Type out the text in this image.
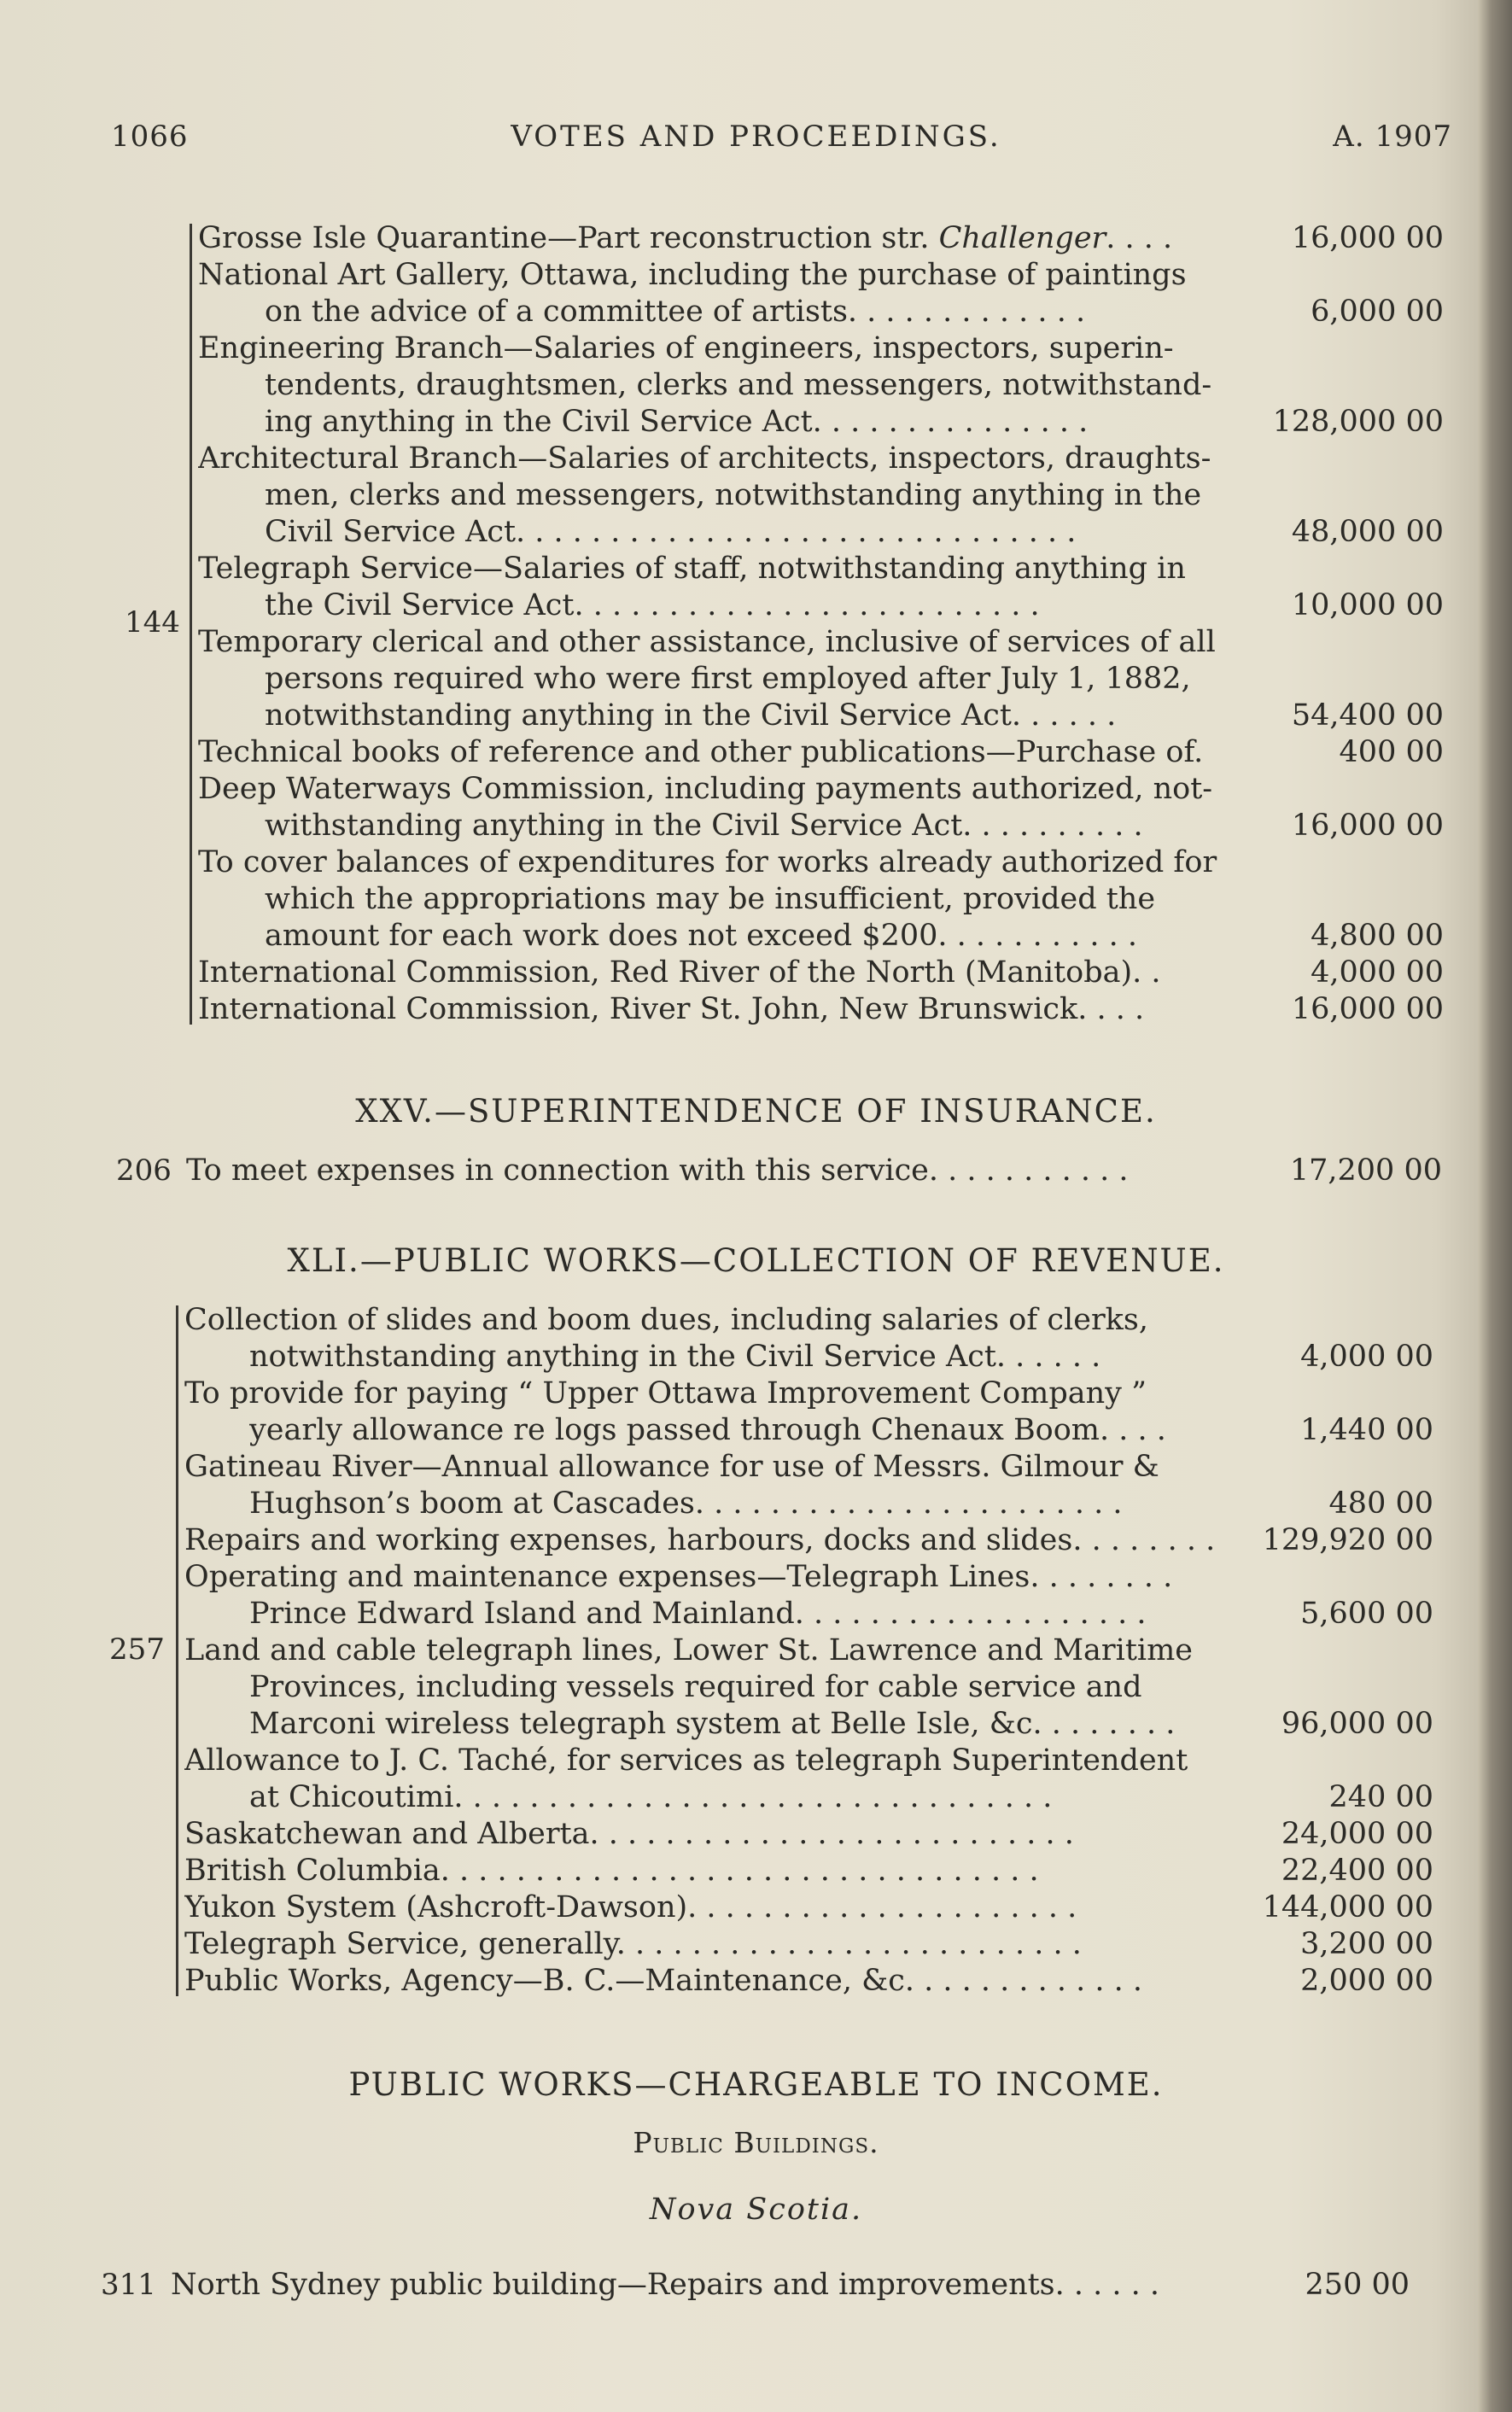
1066	VOTES AND PROCEEDINGS.	A. 1907
Grosse Isle Quarantine—Part reconstruction str. Challenger. . . .	16,000 00
National Art Gallery, Ottawa, including the purchase of paintings
on the advice of a committee of artists. . . . . . . . . . . . .	6,000 00
Engineering Branch—Salaries of engineers, inspectors, superin-
tendents, draughtsmen, clerks and messengers, notwithstand-
ing anything in the Civil Service Act. . . . . . . . . . . . . . .	128,000 00
Architectural Branch—Salaries of architects, inspectors, draughts-
men, clerks and messengers, notwithstanding anything in the
Civil Service Act. . . . . . . . . . . . . . . . . . . . . . . . . . . . . .	48,000 00
Telegraph Service—Salaries of staff, notwithstanding anything in
the Civil Service Act. . . . . . . . . . . . . . . . . . . . . . . . .	10,000 00
Temporary clerical and other assistance, inclusive of services of all
persons required who were first employed after July 1, 1882,
notwithstanding anything in the Civil Service Act. . . . . .	54,400 00
Technical books of reference and other publications—Purchase of.	400 00
Deep Waterways Commission, including payments authorized, not-
withstanding anything in the Civil Service Act. . . . . . . . . .	16,000 00
To cover balances of expenditures for works already authorized for
which the appropriations may be insufficient, provided the
amount for each work does not exceed $200. . . . . . . . . . .	4,800 00
International Commission, Red River of the North (Manitoba). .	4,000 00
International Commission, River St. John, New Brunswick. . . .	16,000 00
144
XXV.—SUPERINTENDENCE OF INSURANCE.
206 To meet expenses in connection with this service. . . . . . . . . . .	17,200 00
XLI.—PUBLIC WORKS—COLLECTION OF REVENUE.
Collection of slides and boom dues, including salaries of clerks,
notwithstanding anything in the Civil Service Act. . . . . .	4,000 00
To provide for paying “ Upper Ottawa Improvement Company ”
yearly allowance re logs passed through Chenaux Boom. . . .	1,440 00
Gatineau River—Annual allowance for use of Messrs. Gilmour &
Hughson’s boom at Cascades. . . . . . . . . . . . . . . . . . . . . . .	480 00
Repairs and working expenses, harbours, docks and slides. . . . . . . .	129,920 00
Operating and maintenance expenses—Telegraph Lines. . . . . . . .
Prince Edward Island and Mainland. . . . . . . . . . . . . . . . . . .	5,600 00
Land and cable telegraph lines, Lower St. Lawrence and Maritime
Provinces, including vessels required for cable service and
Marconi wireless telegraph system at Belle Isle, &c. . . . . . . .	96,000 00
Allowance to J. C. Taché, for services as telegraph Superintendent
at Chicoutimi. . . . . . . . . . . . . . . . . . . . . . . . . . . . . . . .	240 00
Saskatchewan and Alberta. . . . . . . . . . . . . . . . . . . . . . . . . .	24,000 00
British Columbia. . . . . . . . . . . . . . . . . . . . . . . . . . . . . . . .	22,400 00
Yukon System (Ashcroft-Dawson). . . . . . . . . . . . . . . . . . . . .	144,000 00
Telegraph Service, generally. . . . . . . . . . . . . . . . . . . . . . . . .	3,200 00
Public Works, Agency—B. C.—Maintenance, &c. . . . . . . . . . . . .	2,000 00
257
PUBLIC WORKS—CHARGEABLE TO INCOME.
Public Buildings.
Nova Scotia.
311 North Sydney public building—Repairs and improvements. . . . . .	250 00
